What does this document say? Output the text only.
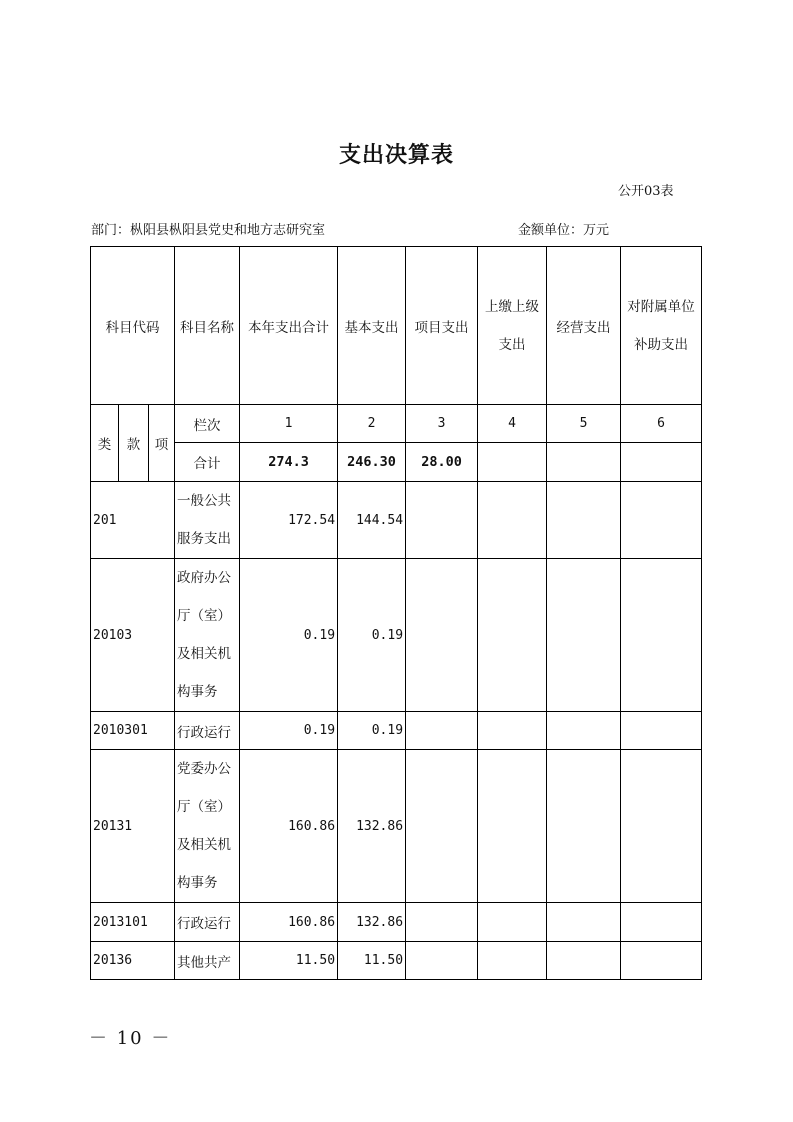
支出决算表
公开03表
部门：枞阳县枞阳县党史和地方志研究室	金额单位：万元
科目代码			科目名称	本年支出合计	基本支出	项目支出	上缴上级支出	经营支出	对附属单位补助支出
类	款	项	栏次	1	2	3	4	5	6
			合计	274.3	246.30	28.00			
201			一般公共服务支出	172.54	144.54				
20103			政府办公厅（室）及相关机构事务	0.19	0.19				
2010301			行政运行	0.19	0.19				
20131			党委办公厅（室）及相关机构事务	160.86	132.86				
2013101			行政运行	160.86	132.86				
20136			其他共产	11.50	11.50				
－ 10 －
